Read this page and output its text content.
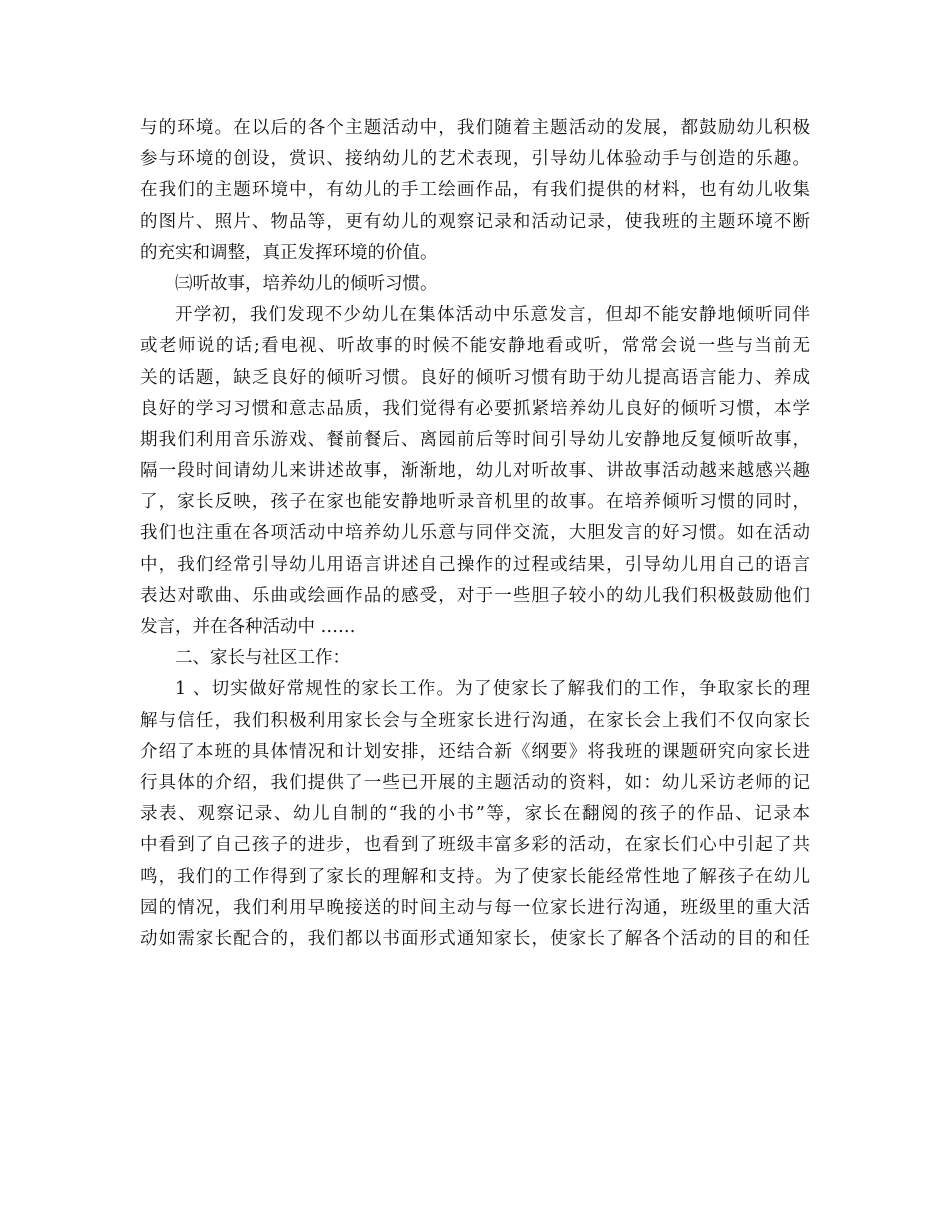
与的环境。在以后的各个主题活动中，我们随着主题活动的发展，都鼓励幼儿积极
参与环境的创设，赏识、接纳幼儿的艺术表现，引导幼儿体验动手与创造的乐趣。
在我们的主题环境中，有幼儿的手工绘画作品，有我们提供的材料，也有幼儿收集
的图片、照片、物品等，更有幼儿的观察记录和活动记录，使我班的主题环境不断
的充实和调整，真正发挥环境的价值。
㈢听故事，培养幼儿的倾听习惯。
开学初，我们发现不少幼儿在集体活动中乐意发言，但却不能安静地倾听同伴
或老师说的话;看电视、听故事的时候不能安静地看或听，常常会说一些与当前无
关的话题，缺乏良好的倾听习惯。良好的倾听习惯有助于幼儿提高语言能力、养成
良好的学习习惯和意志品质，我们觉得有必要抓紧培养幼儿良好的倾听习惯，本学
期我们利用音乐游戏、餐前餐后、离园前后等时间引导幼儿安静地反复倾听故事，
隔一段时间请幼儿来讲述故事，渐渐地，幼儿对听故事、讲故事活动越来越感兴趣
了，家长反映，孩子在家也能安静地听录音机里的故事。在培养倾听习惯的同时，
我们也注重在各项活动中培养幼儿乐意与同伴交流，大胆发言的好习惯。如在活动
中，我们经常引导幼儿用语言讲述自己操作的过程或结果，引导幼儿用自己的语言
表达对歌曲、乐曲或绘画作品的感受，对于一些胆子较小的幼儿我们积极鼓励他们
发言，并在各种活动中 ……
二、家长与社区工作：
1 、切实做好常规性的家长工作。为了使家长了解我们的工作，争取家长的理
解与信任，我们积极利用家长会与全班家长进行沟通，在家长会上我们不仅向家长
介绍了本班的具体情况和计划安排，还结合新《纲要》将我班的课题研究向家长进
行具体的介绍，我们提供了一些已开展的主题活动的资料，如：幼儿采访老师的记
录表、观察记录、幼儿自制的“我的小书”等，家长在翻阅的孩子的作品、记录本
中看到了自己孩子的进步，也看到了班级丰富多彩的活动，在家长们心中引起了共
鸣，我们的工作得到了家长的理解和支持。为了使家长能经常性地了解孩子在幼儿
园的情况，我们利用早晚接送的时间主动与每一位家长进行沟通，班级里的重大活
动如需家长配合的，我们都以书面形式通知家长，使家长了解各个活动的目的和任
